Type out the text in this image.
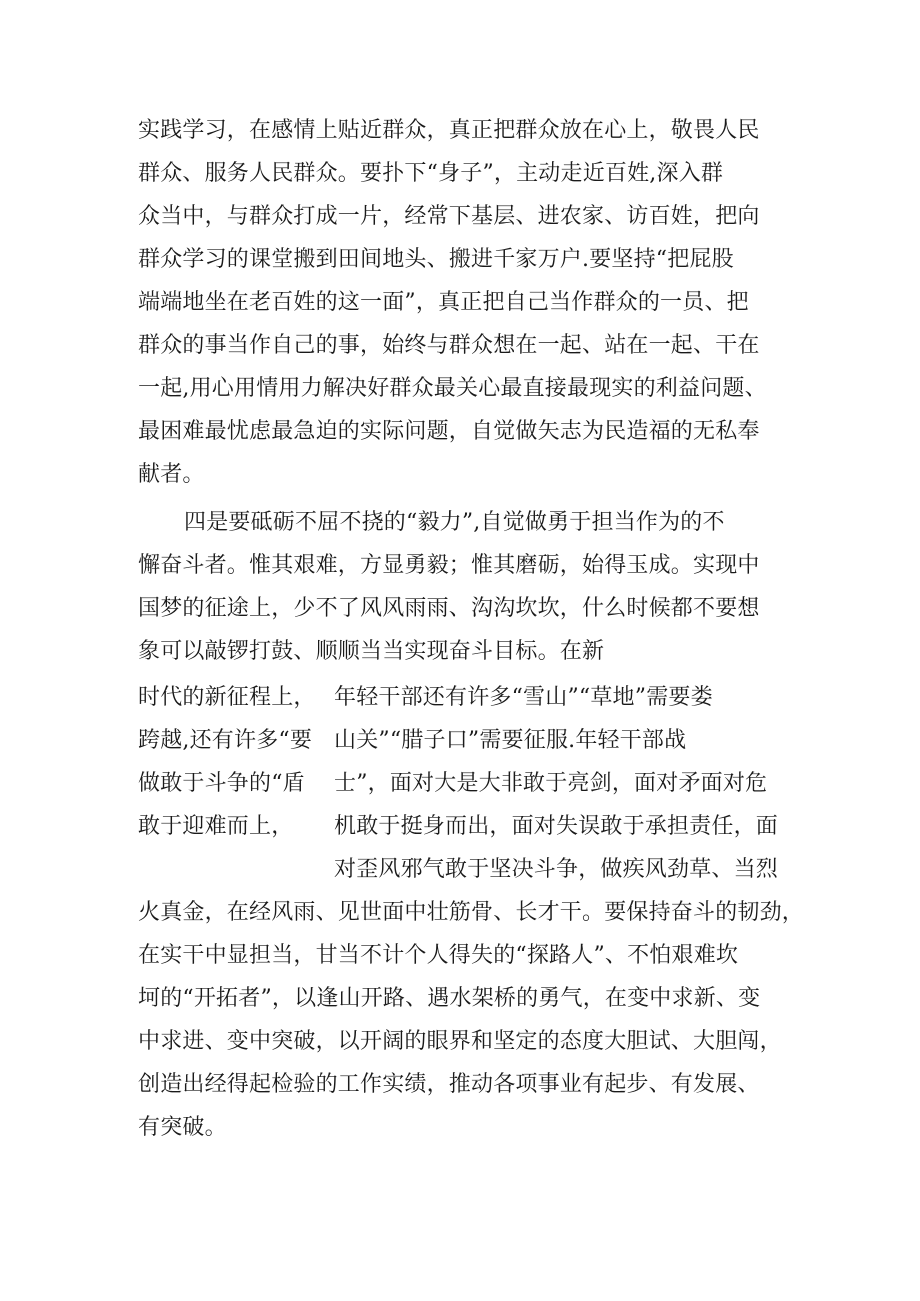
实践学习，在感情上贴近群众，真正把群众放在心上，敬畏人民
群众、服务人民群众。要扑下“身子”，主动走近百姓,深入群
众当中，与群众打成一片，经常下基层、进农家、访百姓，把向
群众学习的课堂搬到田间地头、搬进千家万户.要坚持“把屁股
端端地坐在老百姓的这一面”，真正把自己当作群众的一员、把
群众的事当作自己的事，始终与群众想在一起、站在一起、干在
一起,用心用情用力解决好群众最关心最直接最现实的利益问题、
最困难最忧虑最急迫的实际问题，自觉做矢志为民造福的无私奉
献者。
四是要砥砺不屈不挠的“毅力”,自觉做勇于担当作为的不
懈奋斗者。惟其艰难，方显勇毅；惟其磨砺，始得玉成。实现中
国梦的征途上，少不了风风雨雨、沟沟坎坎，什么时候都不要想
象可以敲锣打鼓、顺顺当当实现奋斗目标。在新
时代的新征程上， 年轻干部还有许多“雪山”“草地”需要娄
跨越,还有许多“要 山关”“腊子口”需要征服.年轻干部战
做敢于斗争的“盾 士”，面对大是大非敢于亮剑，面对矛面对危
敢于迎难而上， 机敢于挺身而出，面对失误敢于承担责任，面
对歪风邪气敢于坚决斗争，做疾风劲草、当烈
火真金，在经风雨、见世面中壮筋骨、长才干。要保持奋斗的韧劲，
在实干中显担当，甘当不计个人得失的“探路人”、不怕艰难坎
坷的“开拓者”，以逢山开路、遇水架桥的勇气，在变中求新、变
中求进、变中突破，以开阔的眼界和坚定的态度大胆试、大胆闯，
创造出经得起检验的工作实绩，推动各项事业有起步、有发展、
有突破。
